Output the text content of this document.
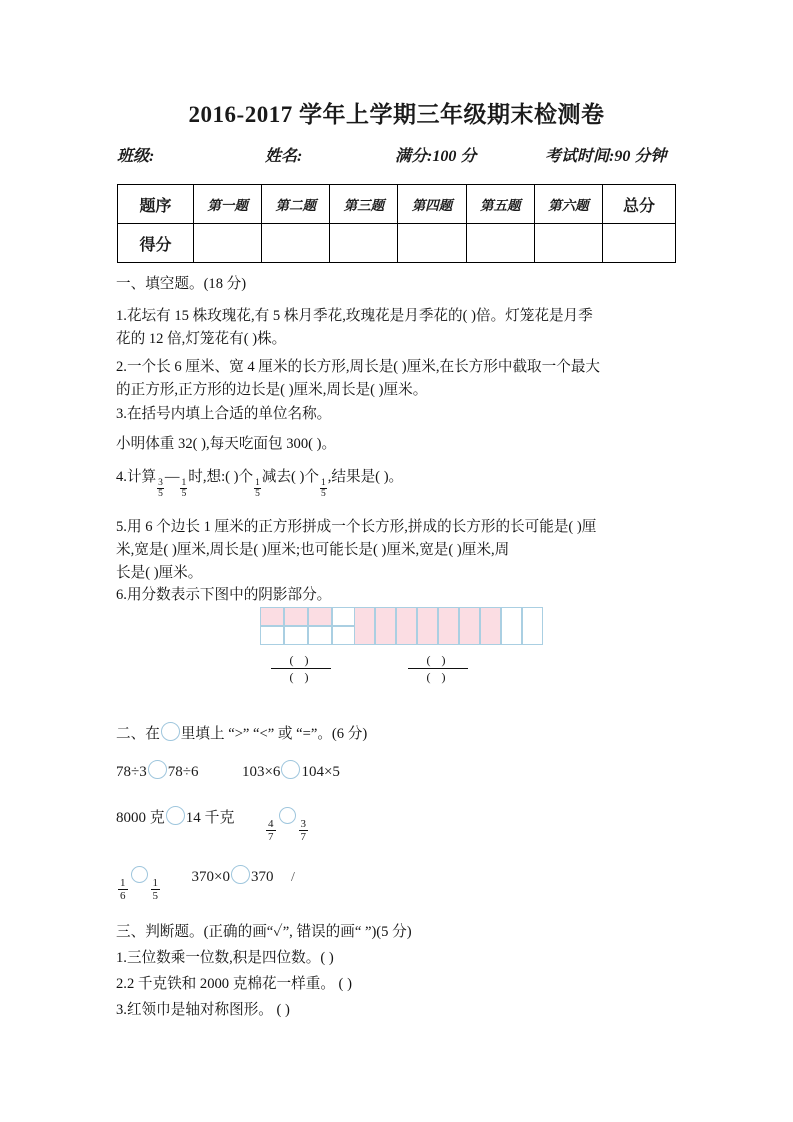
2016-2017 学年上学期三年级期末检测卷
班级:	姓名:	满分:100 分	考试时间:90 分钟
题序	第一题	第二题	第三题	第四题	第五题	第六题	总分
得分							
一、填空题。(18 分)

1.花坛有 15 株玫瑰花,有 5 株月季花,玫瑰花是月季花的( )倍。灯笼花是月季

花的 12 倍,灯笼花有( )株。

2.一个长 6 厘米、宽 4 厘米的长方形,周长是( )厘米,在长方形中截取一个最大

的正方形,正方形的边长是( )厘米,周长是( )厘米。

3.在括号内填上合适的单位名称。

小明体重 32( ),每天吃面包 300( )。

4.计算
$\frac{3}{5}$
—
$\frac{1}{5}$
时,想:( )个
$\frac{1}{5}$
减去( )个
$\frac{1}{5}$
,结果是( )。

5.用 6 个边长 1 厘米的正方形拼成一个长方形,拼成的长方形的长可能是( )厘

米,宽是( )厘米,周长是( )厘米;也可能长是( )厘米,宽是( )厘米,周

长是( )厘米。

6.用分数表示下图中的阴影部分。

( )
( )
( )
( )

二、在 里填上 “>” “<” 或 “=”。(6 分)

78÷3 78÷6	103×6 104×5
8000 克 14 千克	$\frac{4}{7} \frac{3}{7}$
$\frac{1}{6} \frac{1}{5} 370\times 0$ 370 /
三、判断题。(正确的画“✓”, 错误的画“ ”)(5 分)
1.三位数乘一位数,积是四位数。( )
2.2 千克铁和 2000 克棉花一样重。 ( )
3.红领巾是轴对称图形。 ( )
